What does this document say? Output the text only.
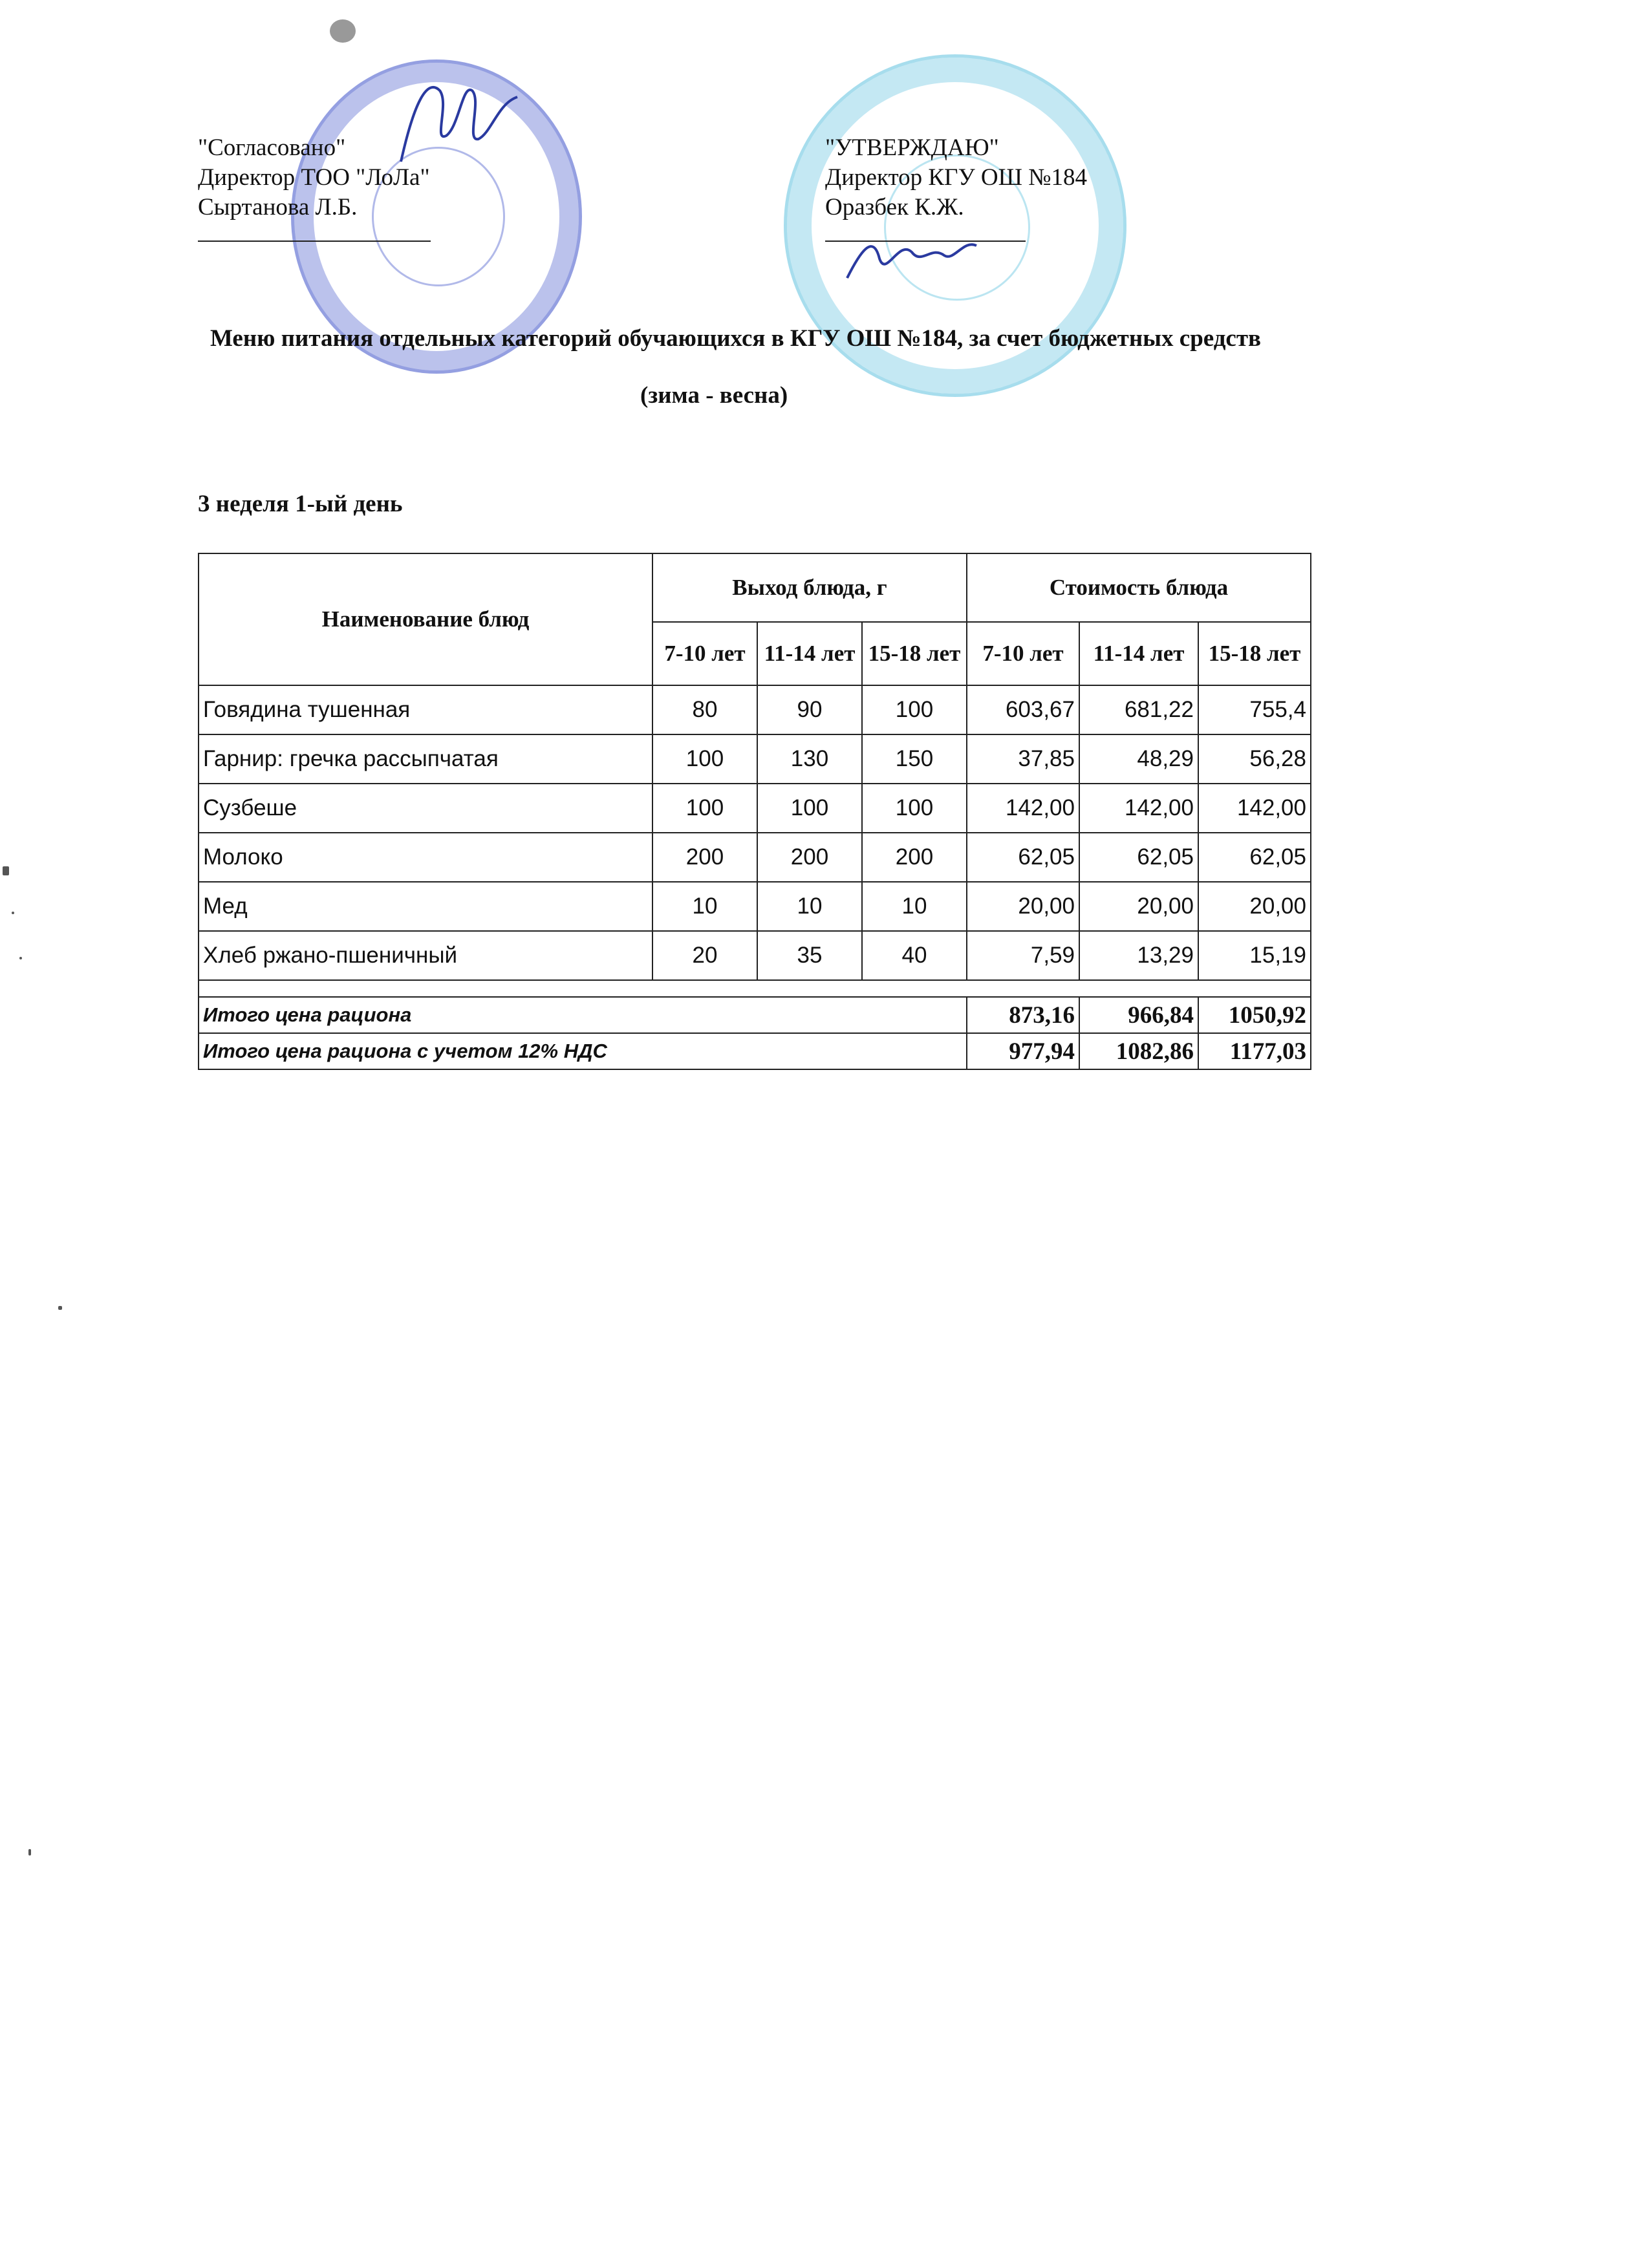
"Согласовано"
Директор ТОО "ЛоЛа"
Сыртанова Л.Б.
"УТВЕРЖДАЮ"
Директор КГУ ОШ №184
Оразбек К.Ж.
Меню питания отдельных категорий обучающихся в КГУ ОШ №184, за счет бюджетных средств
(зима - весна)
3 неделя 1-ый день
Наименование блюд	Выход блюда, г			Стоимость блюда		
	7-10 лет	11-14 лет	15-18 лет	7-10 лет	11-14 лет	15-18 лет
Говядина тушенная	80	90	100	603,67	681,22	755,4
Гарнир: гречка рассыпчатая	100	130	150	37,85	48,29	56,28
Сузбеше	100	100	100	142,00	142,00	142,00
Молоко	200	200	200	62,05	62,05	62,05
Мед	10	10	10	20,00	20,00	20,00
Хлеб ржано-пшеничный	20	35	40	7,59	13,29	15,19

Итого цена рациона				873,16	966,84	1050,92
Итого цена рациона с учетом 12% НДС				977,94	1082,86	1177,03
